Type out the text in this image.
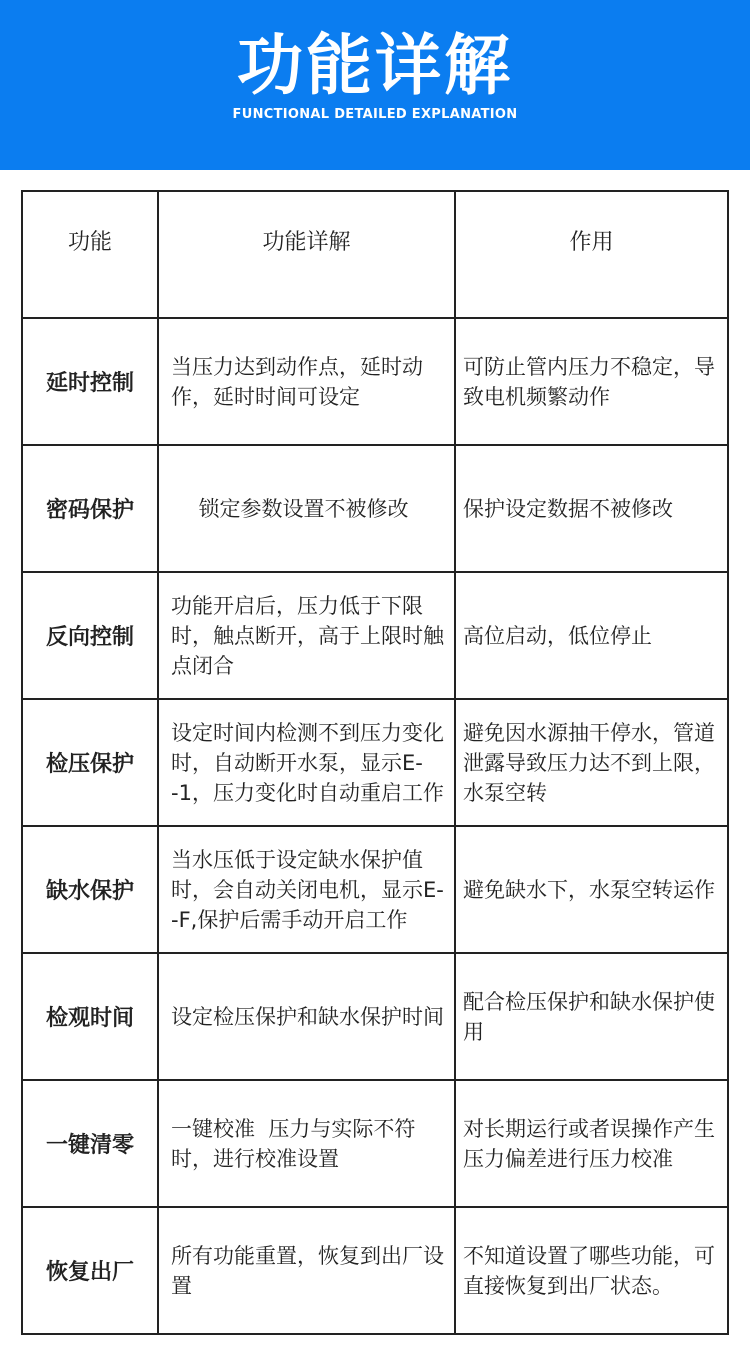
功能详解
FUNCTIONAL DETAILED EXPLANATION
功能	功能详解	作用
延时控制	当压力达到动作点，延时动作，延时时间可设定	可防止管内压力不稳定，导致电机频繁动作
密码保护	锁定参数设置不被修改	保护设定数据不被修改
反向控制	功能开启后，压力低于下限时，触点断开，高于上限时触点闭合	高位启动，低位停止
检压保护	设定时间内检测不到压力变化时，自动断开水泵，显示E--1，压力变化时自动重启工作	避免因水源抽干停水，管道泄露导致压力达不到上限，水泵空转
缺水保护	当水压低于设定缺水保护值时，会自动关闭电机，显示E--F,保护后需手动开启工作	避免缺水下，水泵空转运作
检观时间	设定检压保护和缺水保护时间	配合检压保护和缺水保护使用
一键清零	一键校准  压力与实际不符时，进行校准设置	对长期运行或者误操作产生压力偏差进行压力校准
恢复出厂	所有功能重置，恢复到出厂设置	不知道设置了哪些功能，可直接恢复到出厂状态。
